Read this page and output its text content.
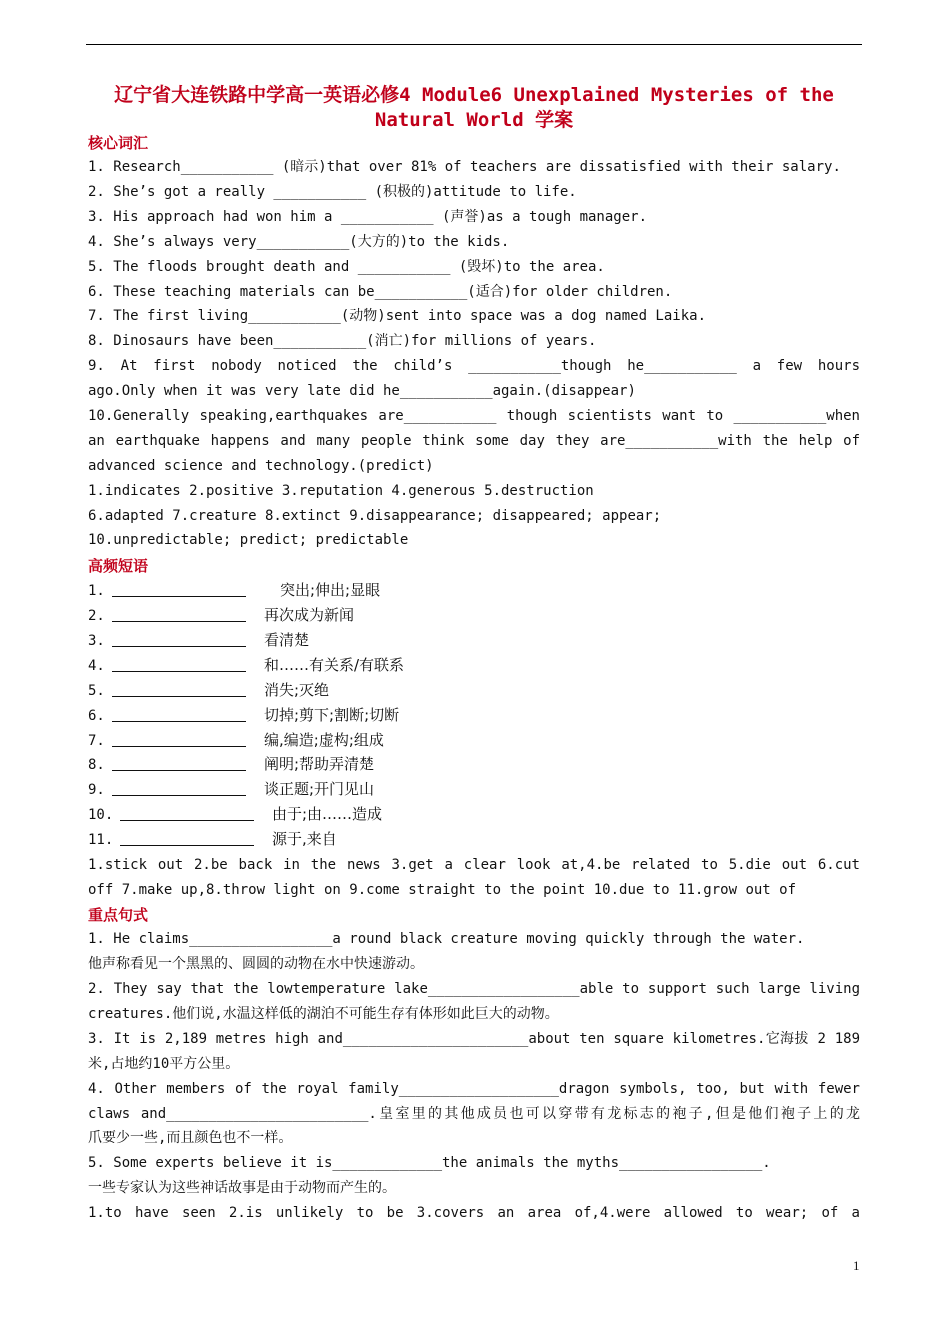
辽宁省大连铁路中学高一英语必修4 Module6 Unexplained Mysteries of the
Natural World 学案
核心词汇
1. Research___________ (暗示)that over 81% of teachers are dissatisfied with their salary.
2. She’s got a really ___________ (积极的)attitude to life.
3. His approach had won him a ___________ (声誉)as a tough manager.
4. She’s always very___________(大方的)to the kids.
5. The floods brought death and ___________ (毁坏)to the area.
6. These teaching materials can be___________(适合)for older children.
7. The first living___________(动物)sent into space was a dog named Laika.
8. Dinosaurs have been___________(消亡)for millions of years.
9. At first nobody noticed the child’s ___________though he___________ a few hours
ago.Only when it was very late did he___________again.(disappear)
10.Generally speaking,earthquakes are___________ though scientists want to ___________when
an earthquake happens and many people think some day they are___________with the help of
advanced science and technology.(predict)
1.indicates 2.positive 3.reputation 4.generous 5.destruction
6.adapted 7.creature 8.extinct 9.disappearance; disappeared; appear;
10.unpredictable; predict; predictable
高频短语
1.	突出;伸出;显眼
2.	再次成为新闻
3.	看清楚
4.	和……有关系/有联系
5.	消失;灭绝
6.	切掉;剪下;割断;切断
7.	编,编造;虚构;组成
8.	阐明;帮助弄清楚
9.	谈正题;开门见山
10.	由于;由……造成
11.	源于,来自
1.stick out 2.be back in the news 3.get a clear look at,4.be related to 5.die out 6.cut
off 7.make up,8.throw light on 9.come straight to the point 10.due to 11.grow out of
重点句式
1. He claims_________________a round black creature moving quickly through the water.
他声称看见一个黑黑的、圆圆的动物在水中快速游动。
2. They say that the lowtemperature lake__________________able to support such large living
creatures.他们说,水温这样低的湖泊不可能生存有体形如此巨大的动物。
3. It is 2,189 metres high and______________________about ten square kilometres.它海拔 2 189
米,占地约10平方公里。
4. Other members of the royal family___________________dragon symbols, too, but with fewer
claws and________________________.皇室里的其他成员也可以穿带有龙标志的袍子,但是他们袍子上的龙
爪要少一些,而且颜色也不一样。
5. Some experts believe it is_____________the animals the myths_________________.
一些专家认为这些神话故事是由于动物而产生的。
1.to have seen 2.is unlikely to be 3.covers an area of,4.were allowed to wear; of a
1
